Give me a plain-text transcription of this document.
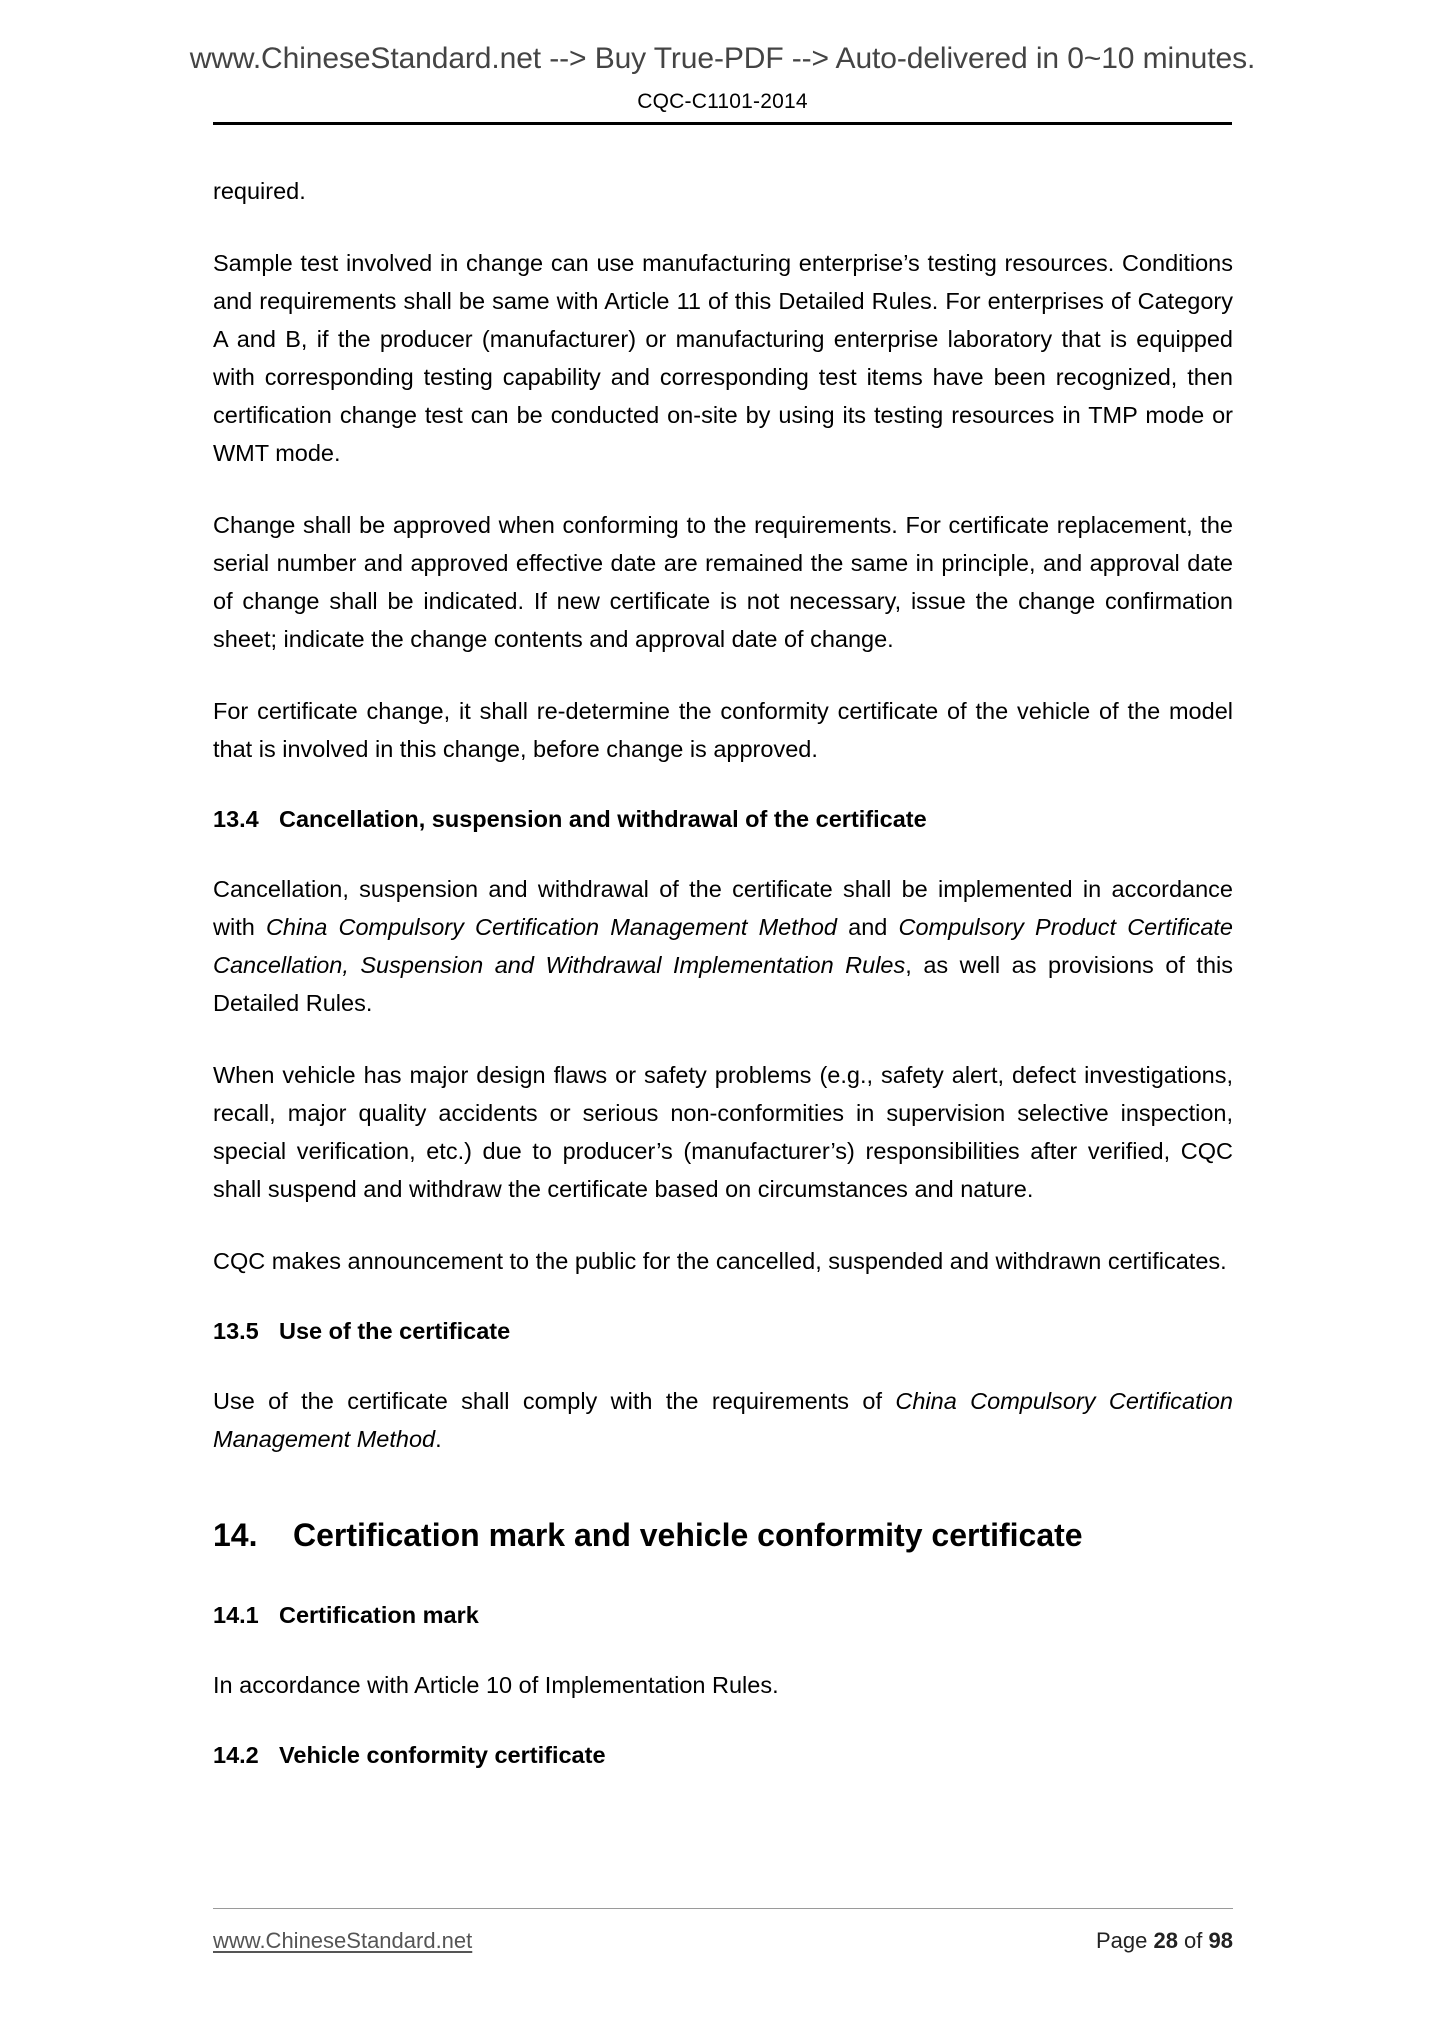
www.ChineseStandard.net --> Buy True-PDF --> Auto-delivered in 0~10 minutes.
CQC-C1101-2014

required.

Sample test involved in change can use manufacturing enterprise’s testing resources. Conditions and requirements shall be same with Article 11 of this Detailed Rules. For enterprises of Category A and B, if the producer (manufacturer) or manufacturing enterprise laboratory that is equipped with corresponding testing capability and corresponding test items have been recognized, then certification change test can be conducted on-site by using its testing resources in TMP mode or WMT mode.

Change shall be approved when conforming to the requirements. For certificate replacement, the serial number and approved effective date are remained the same in principle, and approval date of change shall be indicated. If new certificate is not necessary, issue the change confirmation sheet; indicate the change contents and approval date of change.

For certificate change, it shall re-determine the conformity certificate of the vehicle of the model that is involved in this change, before change is approved.

13.4 Cancellation, suspension and withdrawal of the certificate

Cancellation, suspension and withdrawal of the certificate shall be implemented in accordance with China Compulsory Certification Management Method and Compulsory Product Certificate Cancellation, Suspension and Withdrawal Implementation Rules, as well as provisions of this Detailed Rules.

When vehicle has major design flaws or safety problems (e.g., safety alert, defect investigations, recall, major quality accidents or serious non-conformities in supervision selective inspection, special verification, etc.) due to producer’s (manufacturer’s) responsibilities after verified, CQC shall suspend and withdraw the certificate based on circumstances and nature.

CQC makes announcement to the public for the cancelled, suspended and withdrawn certificates.

13.5 Use of the certificate

Use of the certificate shall comply with the requirements of China Compulsory Certification Management Method.

14. Certification mark and vehicle conformity certificate
14.1 Certification mark

In accordance with Article 10 of Implementation Rules.

14.2 Vehicle conformity certificate
www.ChineseStandard.net	Page 28 of 98
